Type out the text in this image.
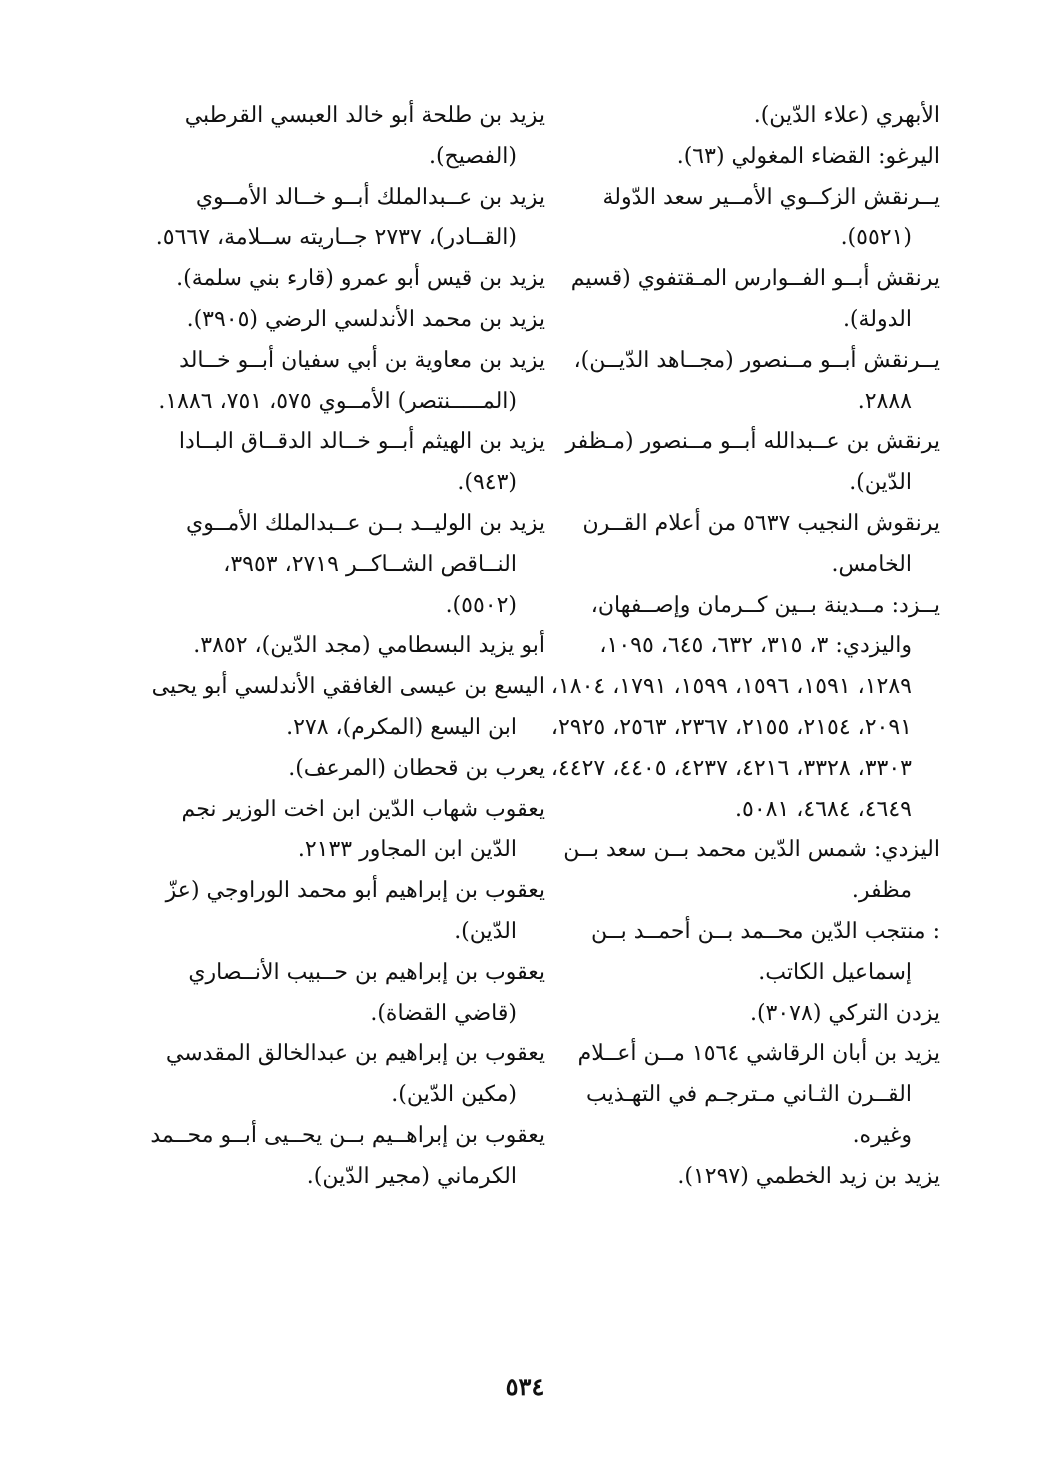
الأبهري (علاء الدّين).

اليرغو: القضاء المغولي (٦٣).

يــرنقش الزكــوي الأمــير سعد الدّولة (٥٥٢١).

يرنقش أبــو الفــوارس المـقتفوي (قسيم الدولة).

يــرنقش أبــو مــنصور (مجــاهد الدّيــن)، ٢٨٨٨.

يرنقش بن عــبدالله أبــو مــنصور (مـظفر الدّين).

يرنقوش النجيب ٥٦٣٧ من أعلام القــرن الخامس.

يــزد: مــدينة بــين كــرمان وإصــفهان، واليزدي: ٣، ٣١٥، ٦٣٢، ٦٤٥، ١٠٩٥، ١٢٨٩، ١٥٩١، ١٥٩٦، ١٥٩٩، ١٧٩١، ١٨٠٤، ٢٠٩١، ٢١٥٤، ٢١٥٥، ٢٣٦٧، ٢٥٦٣، ٢٩٢٥، ٣٣٠٣، ٣٣٢٨، ٤٢١٦، ٤٢٣٧، ٤٤٠٥، ٤٤٢٧، ٤٦٤٩، ٤٦٨٤، ٥٠٨١.

اليزدي: شمس الدّين محمد بــن سعد بــن مظفر.

: منتجب الدّين محــمد بــن أحمــد بــن إسماعيل الكاتب.

يزدن التركي (٣٠٧٨).

يزيد بن أبان الرقاشي ١٥٦٤ مــن أعــلام القــرن الثـاني مـترجـم في التهـذيب وغيره.

يزيد بن زيد الخطمي (١٢٩٧).

يزيد بن طلحة أبو خالد العبسي القرطبي (الفصيح).

يزيد بن عــبدالملك أبــو خــالد الأمــوي (القــادر)، ٢٧٣٧ جــاريته ســلامة، ٥٦٦٧.

يزيد بن قيس أبو عمرو (قارء بني سلمة).

يزيد بن محمد الأندلسي الرضي (٣٩٠٥).

يزيد بن معاوية بن أبي سفيان أبــو خــالد (المـــــنتصر) الأمــوي ٥٧٥، ٧٥١، ١٨٨٦.

يزيد بن الهيثم أبــو خــالد الدقــاق البــادا (٩٤٣).

يزيد بن الوليــد بــن عــبدالملك الأمــوي النــاقص الشــاكــر ٢٧١٩، ٣٩٥٣، (٥٥٠٢).

أبو يزيد البسطامي (مجد الدّين)، ٣٨٥٢.

اليسع بن عيسى الغافقي الأندلسي أبو يحيى ابن اليسع (المكرم)، ٢٧٨.

يعرب بن قحطان (المرعف).

يعقوب شهاب الدّين ابن اخت الوزير نجم الدّين ابن المجاور ٢١٣٣.

يعقوب بن إبراهيم أبو محمد الوراوجي (عزّ الدّين).

يعقوب بن إبراهيم بن حــبيب الأنــصاري (قاضي القضاة).

يعقوب بن إبراهيم بن عبدالخالق المقدسي (مكين الدّين).

يعقوب بن إبراهــيم بــن يحــيى أبــو محــمد الكرماني (مجير الدّين).

٥٣٤
